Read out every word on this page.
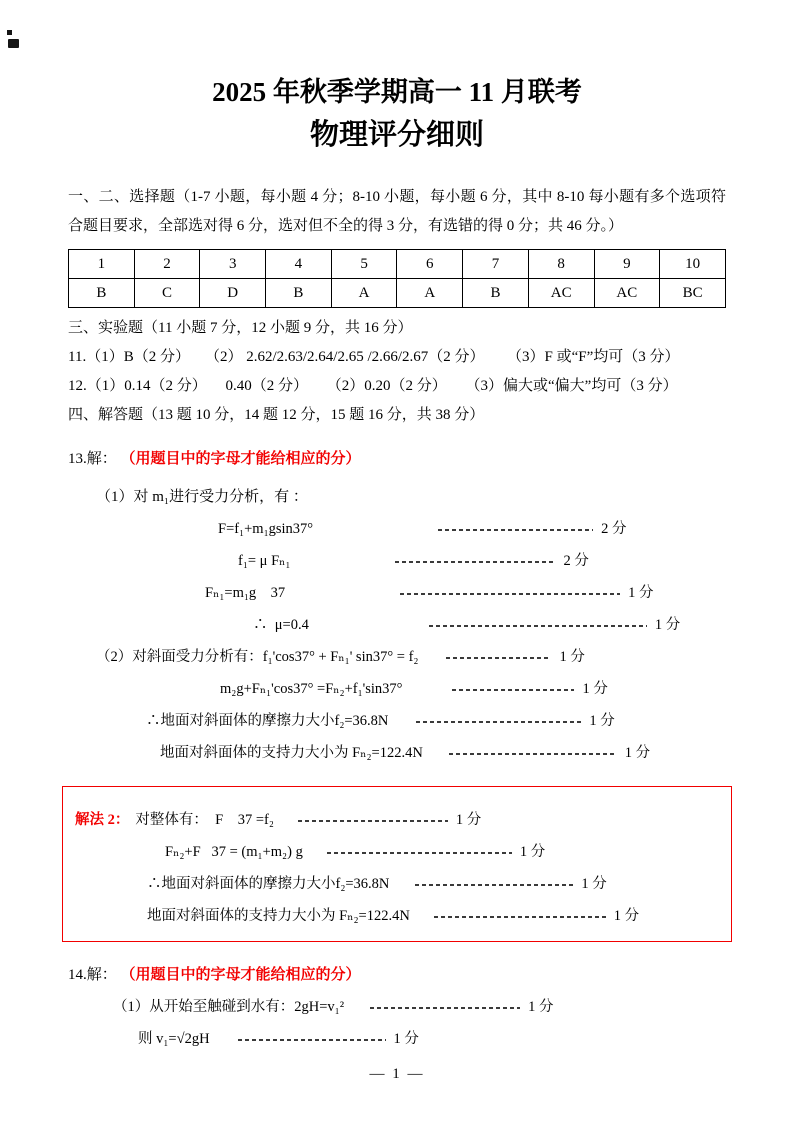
2025 年秋季学期高一 11 月联考
物理评分细则

一、二、选择题（1-7 小题，每小题 4 分；8-10 小题，每小题 6 分，其中 8-10 每小题有多个选项符合题目要求，全部选对得 6 分，选对但不全的得 3 分，有选错的得 0 分；共 46 分。）

1	2	3	4	5	6	7	8	9	10
B	C	D	B	A	A	B	AC	AC	BC

三、实验题（11 小题 7 分，12 小题 9 分，共 16 分）

11.（1）B（2 分）    （2） 2.62/2.63/2.64/2.65 /2.66/2.67（2 分）      （3）F 或“F”均可（3 分）

12.（1）0.14（2 分）     0.40（2 分）     （2）0.20（2 分）     （3）偏大或“偏大”均可（3 分）

四、解答题（13 题 10 分，14 题 12 分，15 题 16 分，共 38 分）

13.解： （用题目中的字母才能给相应的分）

（1）对 m₁进行受力分析，有 ：

F=f₁+m₁gsin37°	2 分
f₁= μ Fₙ₁	2 分
Fₙ₁=m₁g    37	1 分
∴  μ=0.4	1 分
（2）对斜面受力分析有：f₁'cos37° + Fₙ₁' sin37° = f₂	1 分
m₂g+Fₙ₁'cos37° =Fₙ₂+f₁'sin37°	1 分
∴地面对斜面体的摩擦力大小f₂=36.8N	1 分
地面对斜面体的支持力大小为 Fₙ₂=122.4N	1 分
解法 2： 对整体有：  F    37 =f₂	1 分
Fₙ₂+F   37 = (m₁+m₂) g	1 分
∴地面对斜面体的摩擦力大小f₂=36.8N	1 分
地面对斜面体的支持力大小为 Fₙ₂=122.4N	1 分

14.解： （用题目中的字母才能给相应的分）

（1）从开始至触碰到水有：2gH=v₁²	1 分
则 v₁=√2gH	1 分
— 1 —
